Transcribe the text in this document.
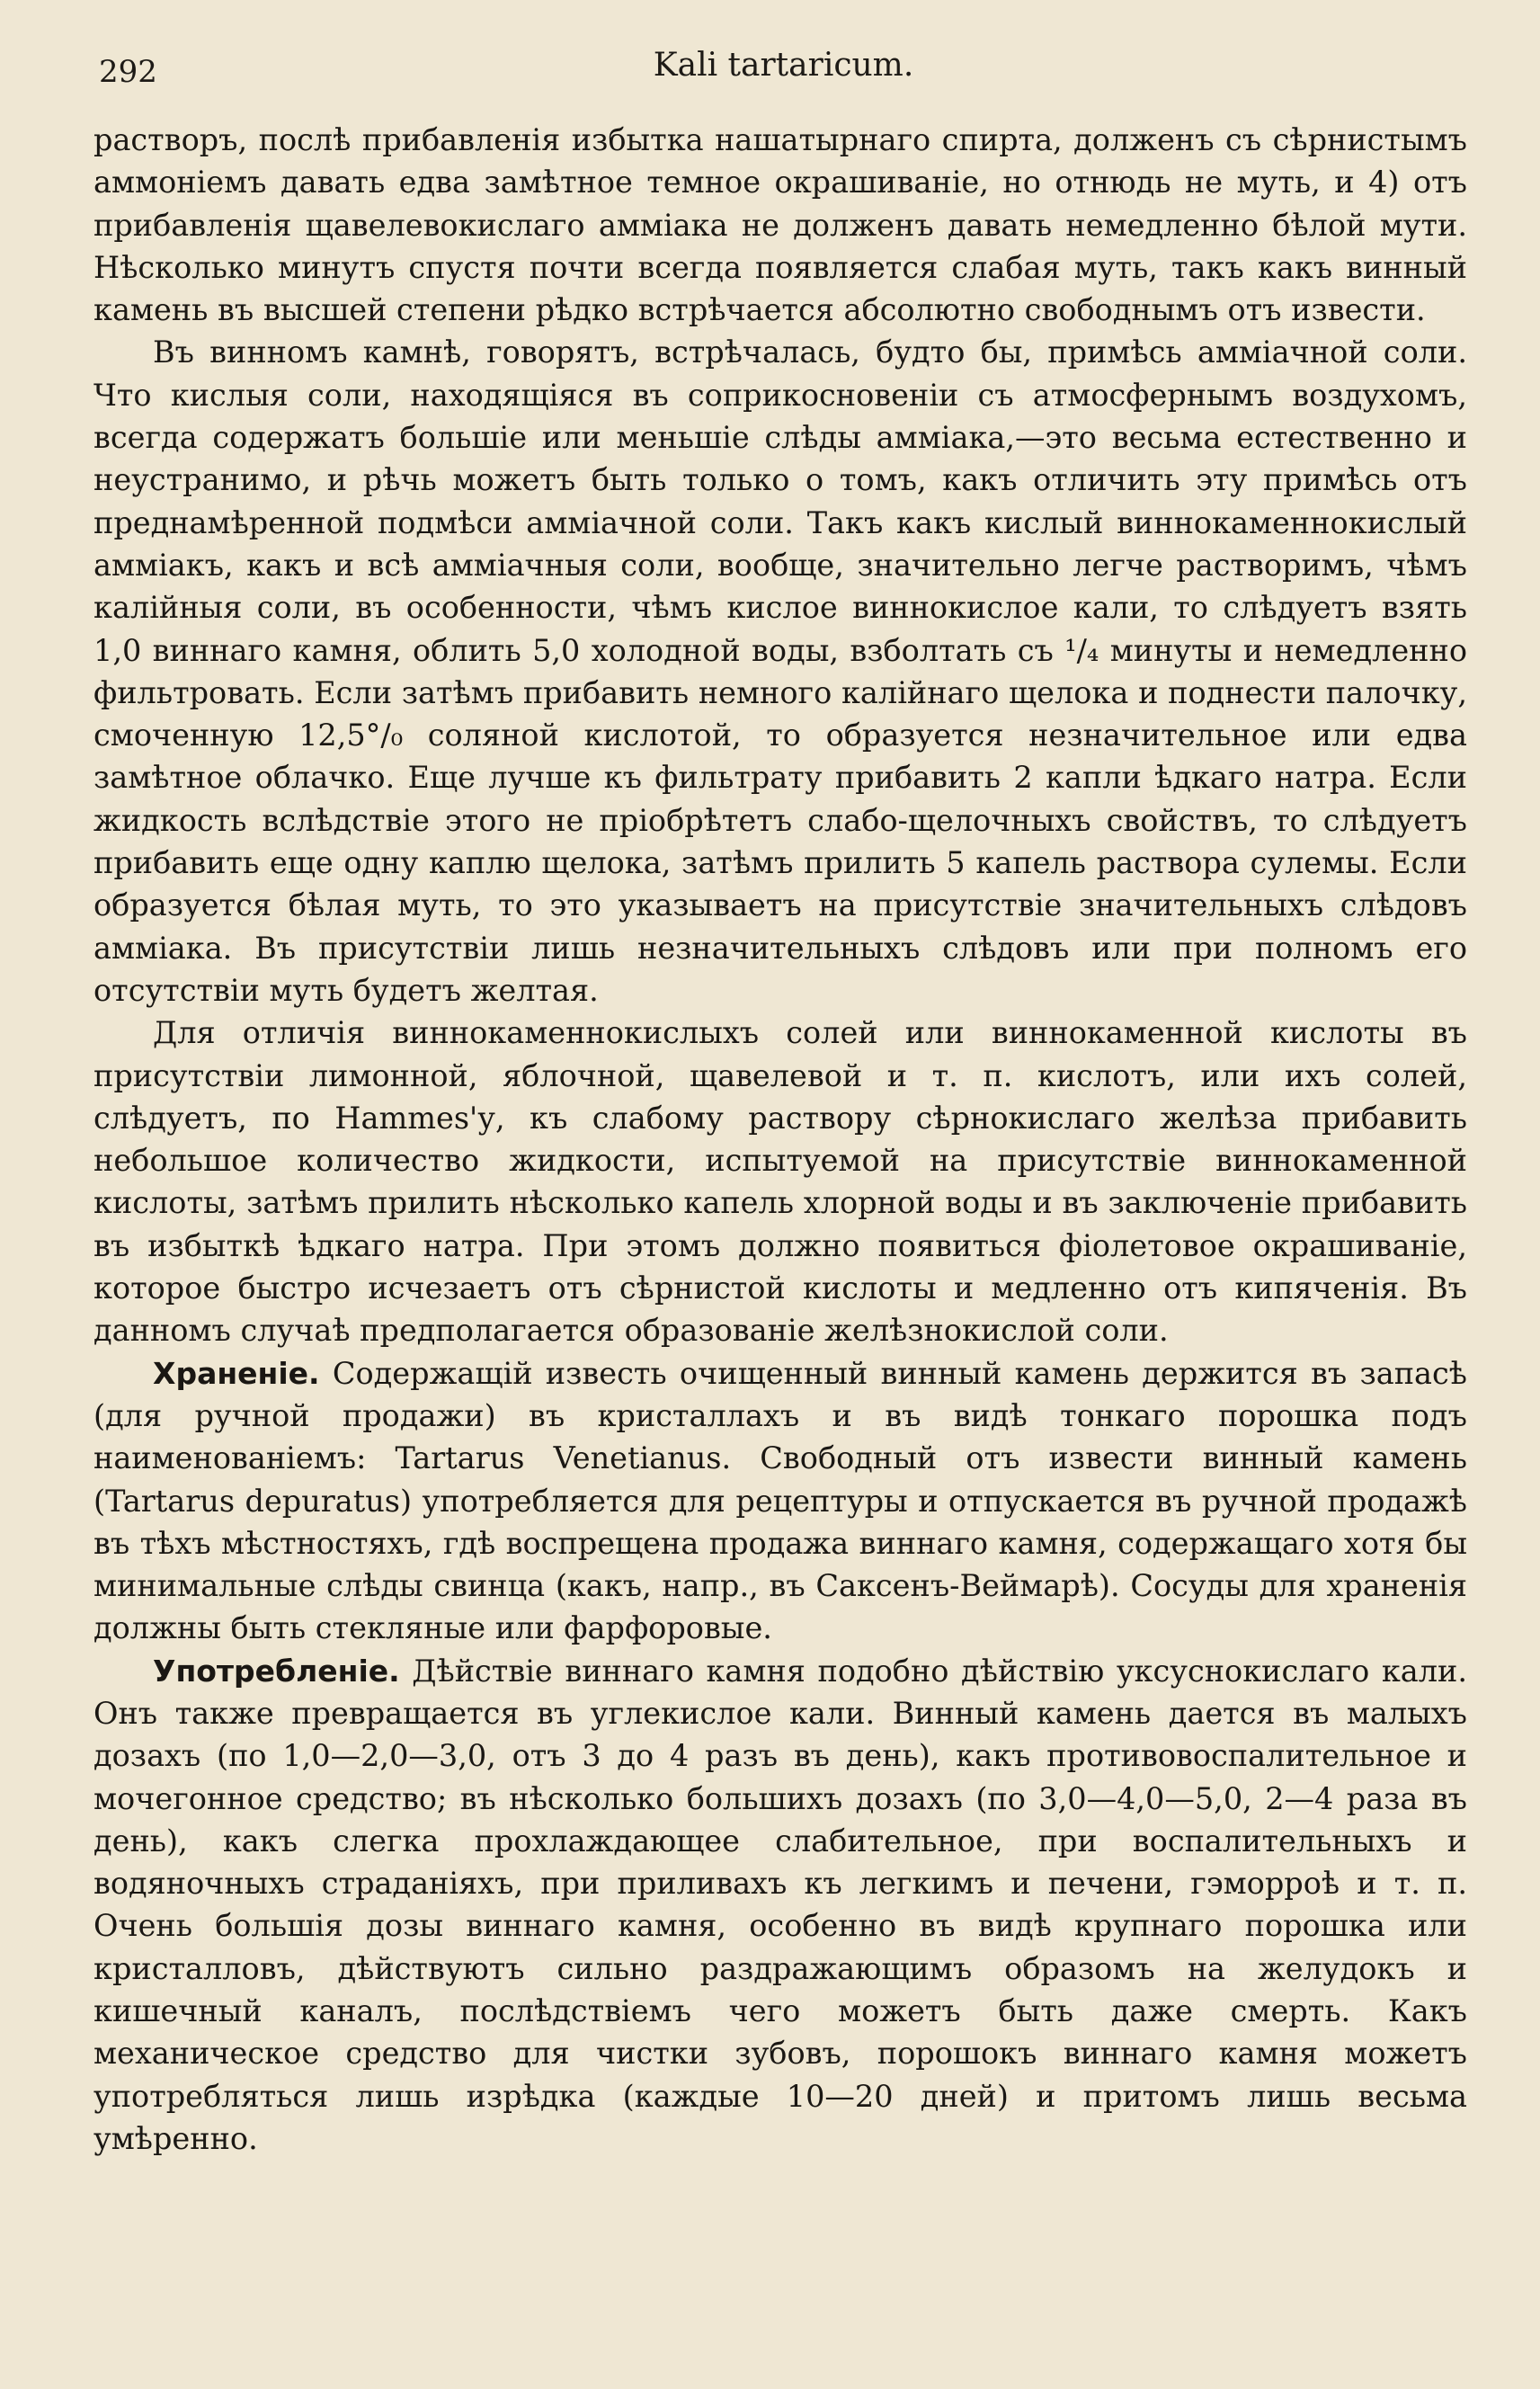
292	Kali tartaricum.

растворъ, послѣ прибавленія избытка нашатырнаго спирта, долженъ съ сѣрнистымъ аммоніемъ давать едва замѣтное темное окрашиваніе, но отнюдь не муть, и 4) отъ прибавленія щавелевокислаго амміака не долженъ давать немедленно бѣлой мути. Нѣсколько минутъ спустя почти всегда появляется слабая муть, такъ какъ винный камень въ высшей степени рѣдко встрѣчается абсолютно свободнымъ отъ извести.

Въ винномъ камнѣ, говорятъ, встрѣчалась, будто бы, примѣсь амміачной соли. Что кислыя соли, находящіяся въ соприкосновеніи съ атмосфернымъ воздухомъ, всегда содержатъ большіе или меньшіе слѣды амміака,—это весьма естественно и неустранимо, и рѣчь можетъ быть только о томъ, какъ отличить эту примѣсь отъ преднамѣренной подмѣси амміачной соли. Такъ какъ кислый виннокаменнокислый амміакъ, какъ и всѣ амміачныя соли, вообще, значительно легче растворимъ, чѣмъ калійныя соли, въ особенности, чѣмъ кислое виннокислое кали, то слѣдуетъ взять 1,0 виннаго камня, облить 5,0 холодной воды, взболтать съ ¹/₄ минуты и немедленно фильтровать. Если затѣмъ прибавить немного калійнаго щелока и поднести палочку, смоченную 12,5°/₀ соляной кислотой, то образуется незначительное или едва замѣтное облачко. Еще лучше къ фильтрату прибавить 2 капли ѣдкаго натра. Если жидкость вслѣдствіе этого не пріобрѣтетъ слабо-щелочныхъ свойствъ, то слѣдуетъ прибавить еще одну каплю щелока, затѣмъ прилить 5 капель раствора сулемы. Если образуется бѣлая муть, то это указываетъ на присутствіе значительныхъ слѣдовъ амміака. Въ присутствіи лишь незначительныхъ слѣдовъ или при полномъ его отсутствіи муть будетъ желтая.

Для отличія виннокаменнокислыхъ солей или виннокаменной кислоты въ присутствіи лимонной, яблочной, щавелевой и т. п. кислотъ, или ихъ солей, слѣдуетъ, по Hammes'у, къ слабому раствору сѣрнокислаго желѣза прибавить небольшое количество жидкости, испытуемой на присутствіе виннокаменной кислоты, затѣмъ прилить нѣсколько капель хлорной воды и въ заключеніе прибавить въ избыткѣ ѣдкаго натра. При этомъ должно появиться фіолетовое окрашиваніе, которое быстро исчезаетъ отъ сѣрнистой кислоты и медленно отъ кипяченія. Въ данномъ случаѣ предполагается образованіе желѣзнокислой соли.

Храненіе. Содержащій известь очищенный винный камень держится въ запасѣ (для ручной продажи) въ кристаллахъ и въ видѣ тонкаго порошка подъ наименованіемъ: Tartarus Venetianus. Свободный отъ извести винный камень (Tartarus depuratus) употребляется для рецептуры и отпускается въ ручной продажѣ въ тѣхъ мѣстностяхъ, гдѣ воспрещена продажа виннаго камня, содержащаго хотя бы минимальные слѣды свинца (какъ, напр., въ Саксенъ-Веймарѣ). Сосуды для храненія должны быть стекляные или фарфоровые.

Употребленіе. Дѣйствіе виннаго камня подобно дѣйствію уксуснокислаго кали. Онъ также превращается въ углекислое кали. Винный камень дается въ малыхъ дозахъ (по 1,0—2,0—3,0, отъ 3 до 4 разъ въ день), какъ противовоспалительное и мочегонное средство; въ нѣсколько большихъ дозахъ (по 3,0—4,0—5,0, 2—4 раза въ день), какъ слегка прохлаждающее слабительное, при воспалительныхъ и водяночныхъ страданіяхъ, при приливахъ къ легкимъ и печени, гэморроѣ и т. п. Очень большія дозы виннаго камня, особенно въ видѣ крупнаго порошка или кристалловъ, дѣйствуютъ сильно раздражающимъ образомъ на желудокъ и кишечный каналъ, послѣдствіемъ чего можетъ быть даже смерть. Какъ механическое средство для чистки зубовъ, порошокъ виннаго камня можетъ употребляться лишь изрѣдка (каждые 10—20 дней) и притомъ лишь весьма умѣренно.
